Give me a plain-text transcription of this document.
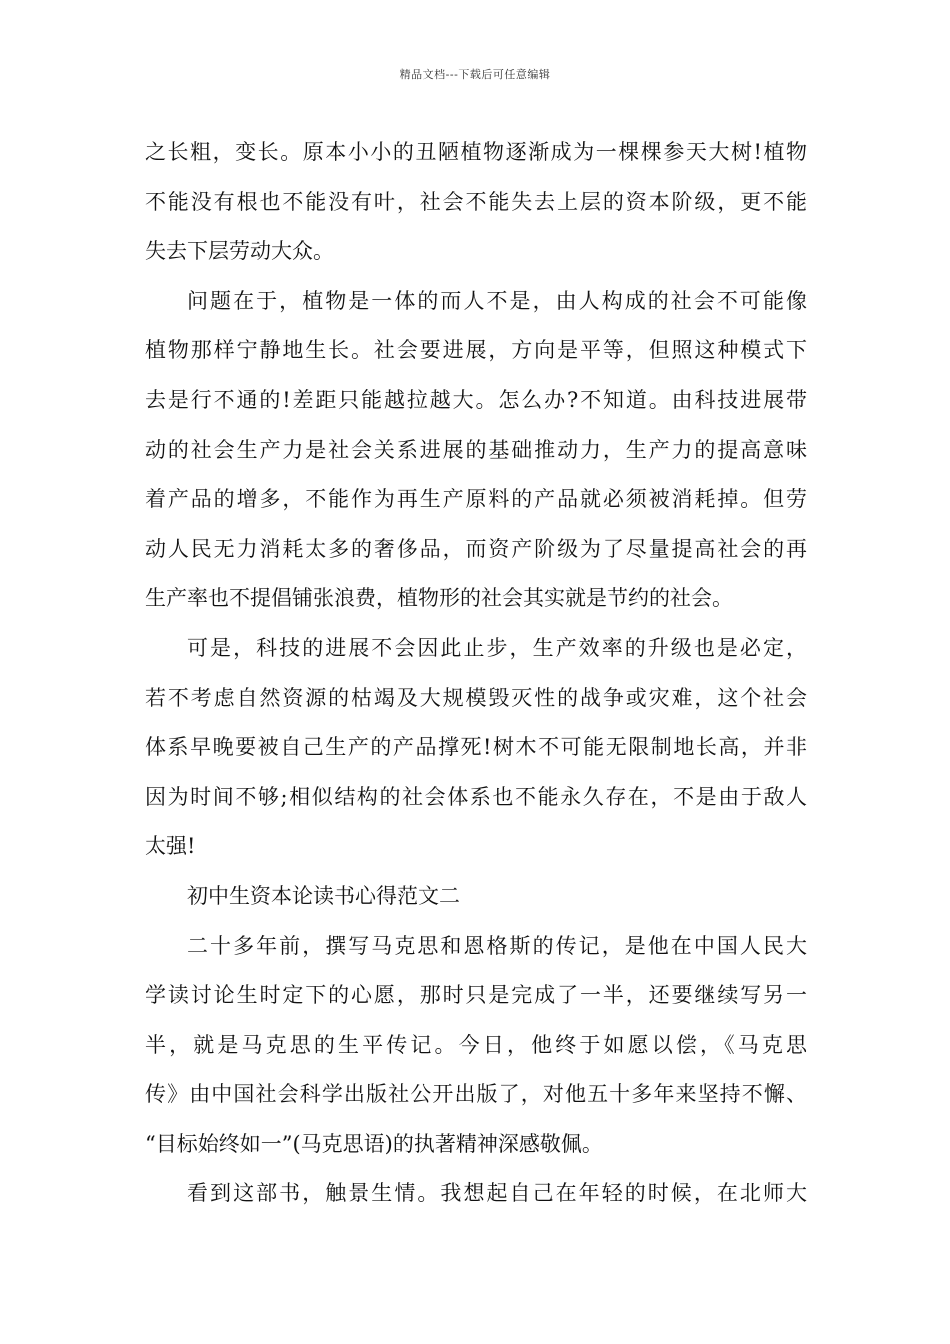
精品文档---下载后可任意编辑
之长粗，变长。原本小小的丑陋植物逐渐成为一棵棵参天大树!植物
不能没有根也不能没有叶，社会不能失去上层的资本阶级，更不能
失去下层劳动大众。
问题在于，植物是一体的而人不是，由人构成的社会不可能像
植物那样宁静地生长。社会要进展，方向是平等，但照这种模式下
去是行不通的!差距只能越拉越大。怎么办?不知道。由科技进展带
动的社会生产力是社会关系进展的基础推动力，生产力的提高意味
着产品的增多，不能作为再生产原料的产品就必须被消耗掉。但劳
动人民无力消耗太多的奢侈品，而资产阶级为了尽量提高社会的再
生产率也不提倡铺张浪费，植物形的社会其实就是节约的社会。
可是，科技的进展不会因此止步，生产效率的升级也是必定，
若不考虑自然资源的枯竭及大规模毁灭性的战争或灾难，这个社会
体系早晚要被自己生产的产品撑死!树木不可能无限制地长高，并非
因为时间不够;相似结构的社会体系也不能永久存在，不是由于敌人
太强!
初中生资本论读书心得范文二
二十多年前，撰写马克思和恩格斯的传记，是他在中国人民大
学读讨论生时定下的心愿，那时只是完成了一半，还要继续写另一
半，就是马克思的生平传记。今日，他终于如愿以偿，《马克思
传》由中国社会科学出版社公开出版了，对他五十多年来坚持不懈、
“目标始终如一”(马克思语)的执著精神深感敬佩。
看到这部书，触景生情。我想起自己在年轻的时候，在北师大
